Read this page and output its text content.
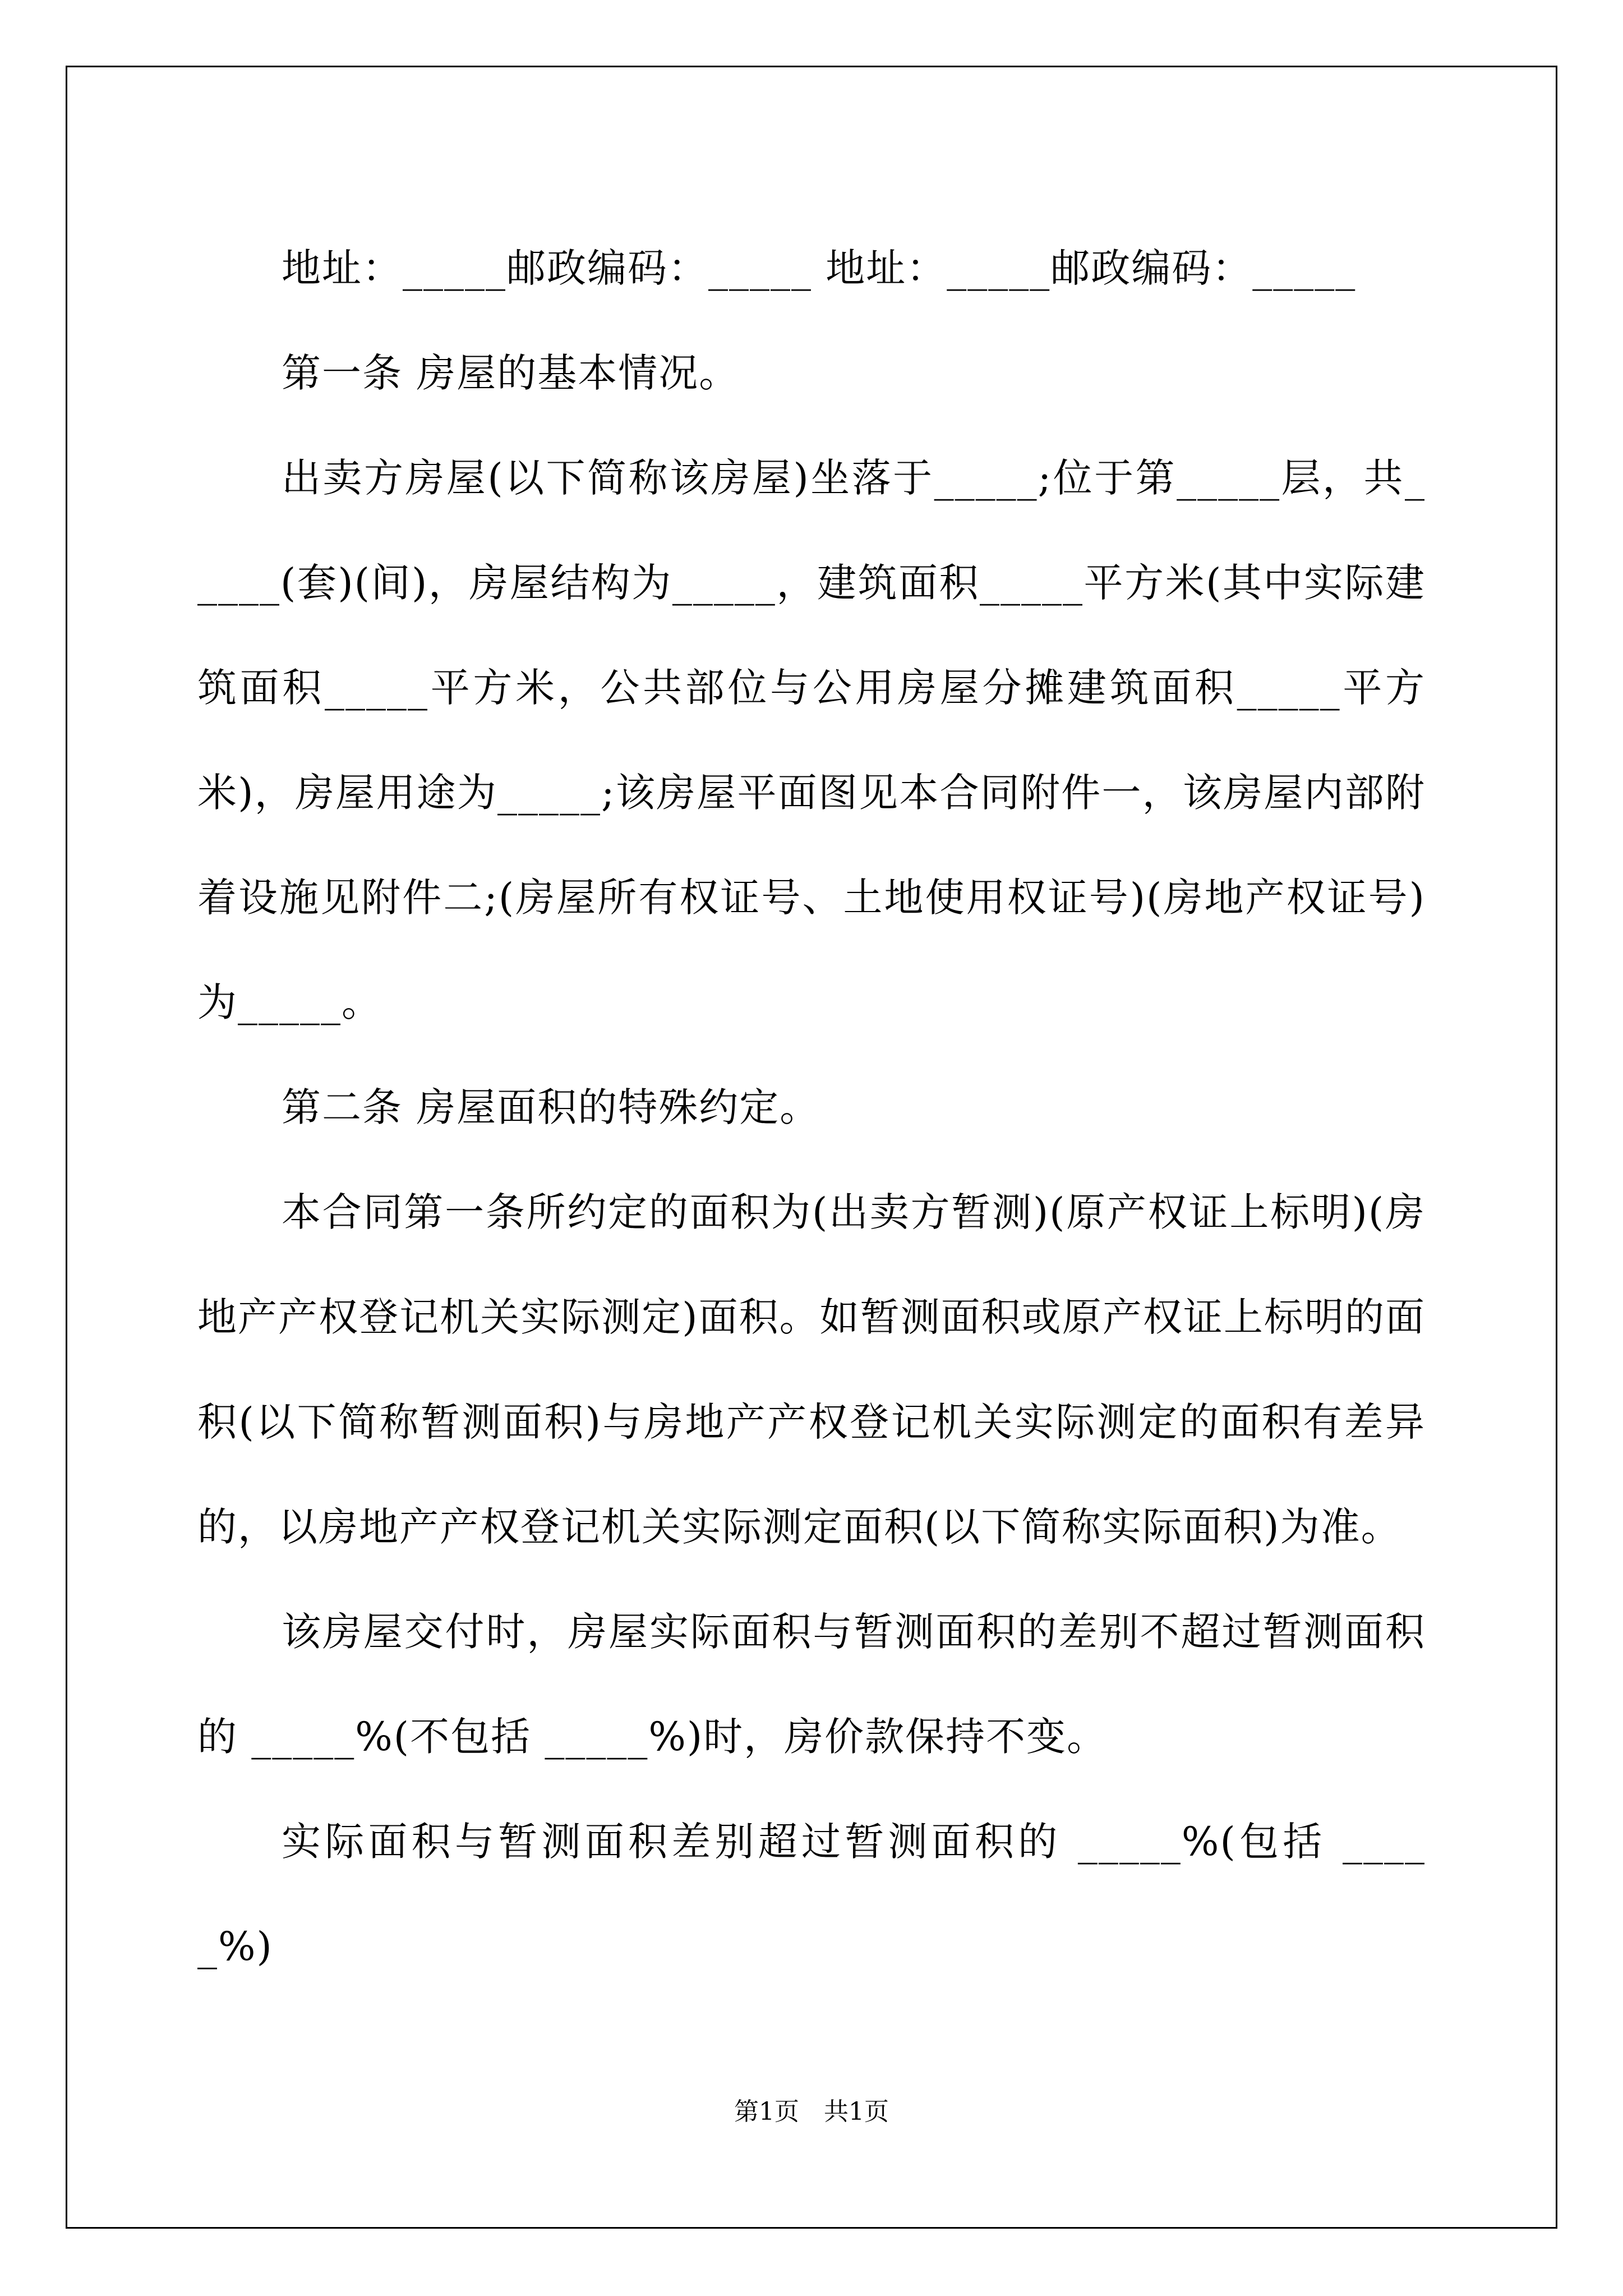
地址：_____邮政编码：_____ 地址：_____邮政编码：_____

第一条 房屋的基本情况。

出卖方房屋(以下简称该房屋)坐落于_____;位于第_____层，共_____(套)(间)，房屋结构为_____，建筑面积_____平方米(其中实际建筑面积_____平方米，公共部位与公用房屋分摊建筑面积_____平方米)，房屋用途为_____;该房屋平面图见本合同附件一，该房屋内部附着设施见附件二;(房屋所有权证号、土地使用权证号)(房地产权证号)为_____。

第二条 房屋面积的特殊约定。

本合同第一条所约定的面积为(出卖方暂测)(原产权证上标明)(房地产产权登记机关实际测定)面积。如暂测面积或原产权证上标明的面积(以下简称暂测面积)与房地产产权登记机关实际测定的面积有差异的，以房地产产权登记机关实际测定面积(以下简称实际面积)为准。

该房屋交付时，房屋实际面积与暂测面积的差别不超过暂测面积的 _____%(不包括 _____%)时，房价款保持不变。

实际面积与暂测面积差别超过暂测面积的 _____%(包括 _____%)

第1页　共1页
